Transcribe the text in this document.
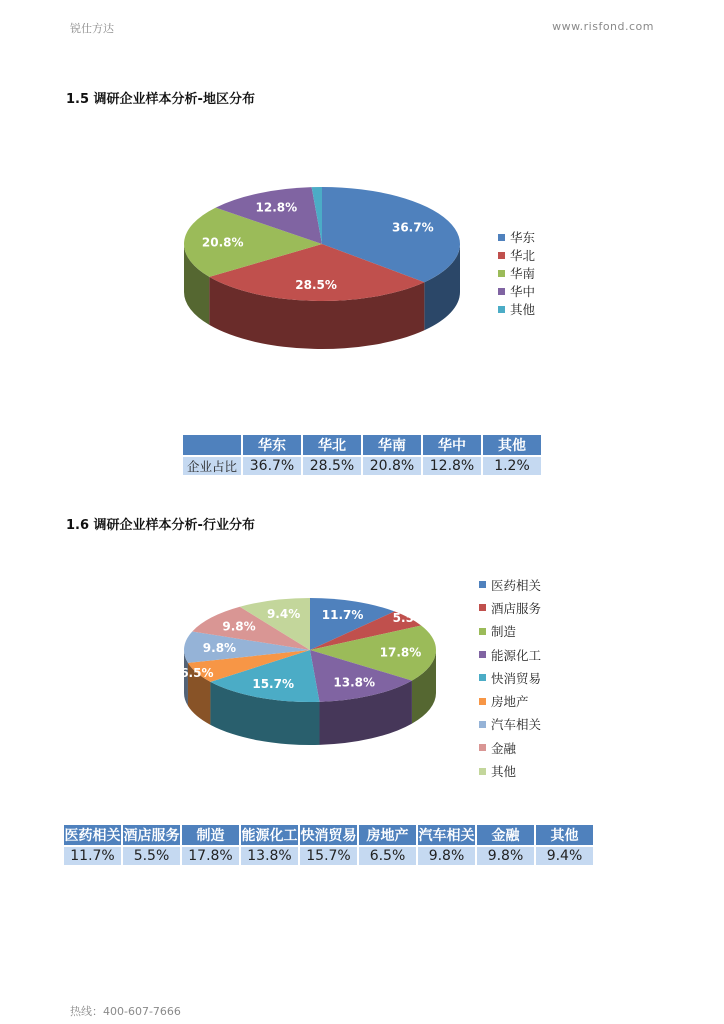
锐仕方达	www.risfond.com
1.5 调研企业样本分析-地区分布
36.7%
28.5%
20.8%
12.8%
华东
华北
华南
华中
其他
	华东	华北	华南	华中	其他
企业占比	36.7%	28.5%	20.8%	12.8%	1.2%
1.6 调研企业样本分析-行业分布
11.7% 5.5%
17.8%
13.8%
15.7%
6.5%
9.8%
9.8%
9.4%
医药相关
酒店服务
制造
能源化工
快消贸易
房地产
汽车相关
金融
其他
医药相关	酒店服务	制造	能源化工	快消贸易	房地产	汽车相关	金融	其他
11.7%	5.5%	17.8%	13.8%	15.7%	6.5%	9.8%	9.8%	9.4%
热线：400-607-7666
